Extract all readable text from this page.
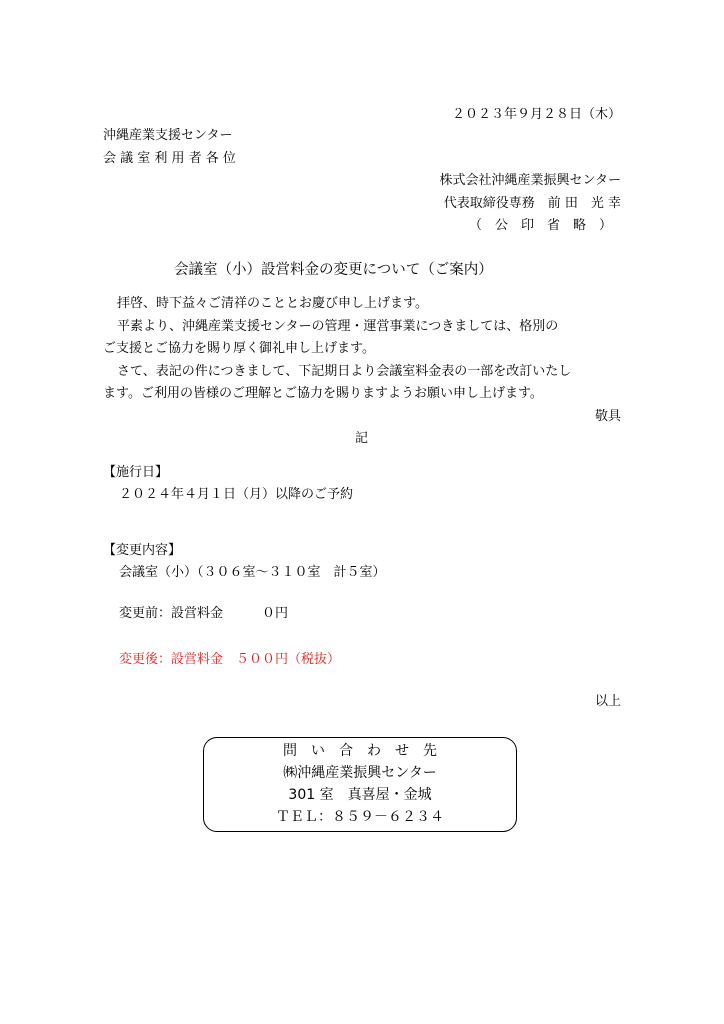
２０２３年９月２８日（木）
沖縄産業支援センター
会 議 室 利 用 者 各 位
株式会社沖縄産業振興センター
代表取締役専務　前 田　光 幸
（　公　印　省　略　）
会議室（小）設営料金の変更について（ご案内）
拝啓、時下益々ご清祥のこととお慶び申し上げます。
平素より、沖縄産業支援センターの管理・運営事業につきましては、格別の
ご支援とご協力を賜り厚く御礼申し上げます。
さて、表記の件につきまして、下記期日より会議室料金表の一部を改訂いたし
ます。ご利用の皆様のご理解とご協力を賜りますようお願い申し上げます。
敬具
記
【施行日】
２０２４年４月１日（月）以降のご予約
【変更内容】
会議室（小）（３０６室～３１０室　計５室）
変更前：設営料金　　　０円
変更後：設営料金　５００円（税抜）
以上
問　い　合　わ　せ　先
㈱沖縄産業振興センター
301 室　真喜屋・金城
ＴＥＬ：８５９－６２３４
